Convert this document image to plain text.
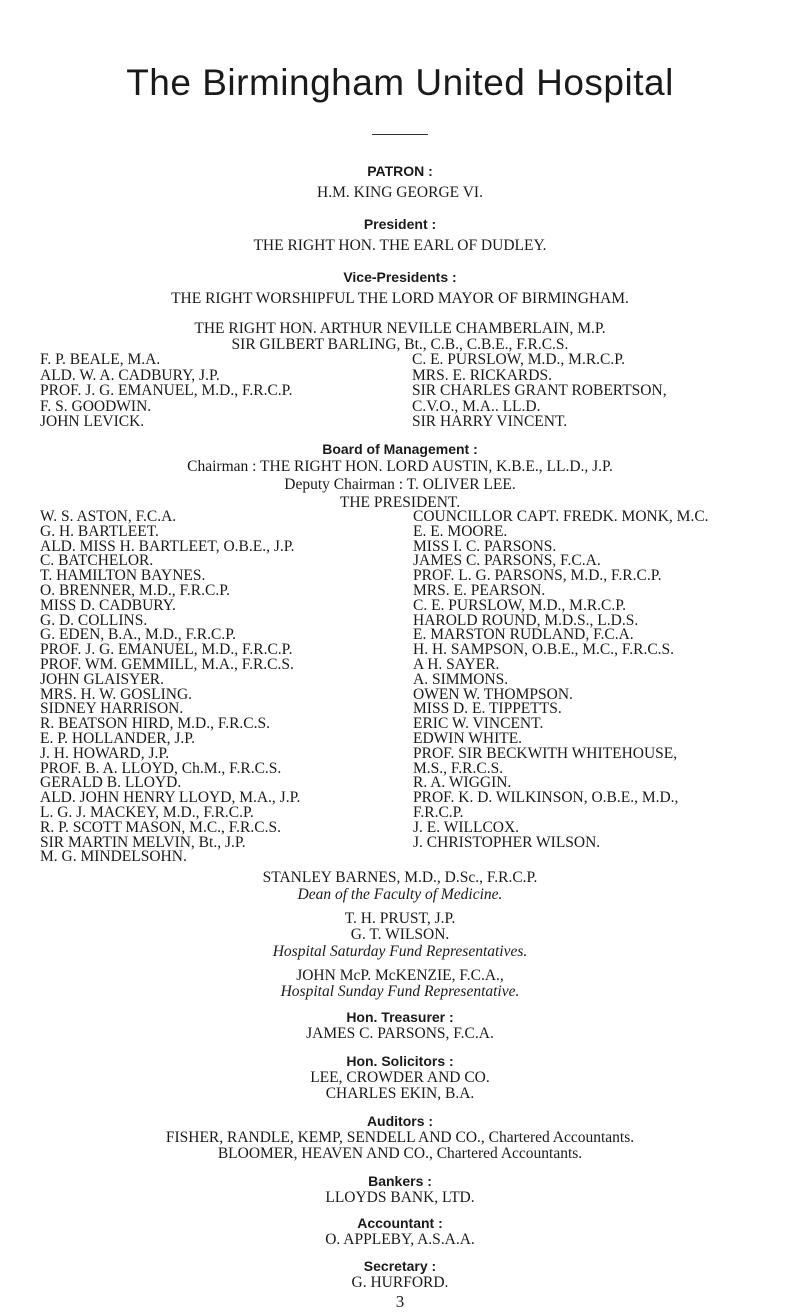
The Birmingham United Hospital
PATRON :
H.M. KING GEORGE VI.
President :
THE RIGHT HON. THE EARL OF DUDLEY.
Vice-Presidents :
THE RIGHT WORSHIPFUL THE LORD MAYOR OF BIRMINGHAM.
THE RIGHT HON. ARTHUR NEVILLE CHAMBERLAIN, M.P.
SIR GILBERT BARLING, Bt., C.B., C.B.E., F.R.C.S.
F. P. BEALE, M.A.
ALD. W. A. CADBURY, J.P.
PROF. J. G. EMANUEL, M.D., F.R.C.P.
F. S. GOODWIN.
JOHN LEVICK.
C. E. PURSLOW, M.D., M.R.C.P.
MRS. E. RICKARDS.
SIR CHARLES GRANT ROBERTSON,
C.V.O., M.A.. LL.D.
SIR HARRY VINCENT.
Board of Management :
Chairman : THE RIGHT HON. LORD AUSTIN, K.B.E., LL.D., J.P.
Deputy Chairman : T. OLIVER LEE.
THE PRESIDENT.
W. S. ASTON, F.C.A.
G. H. BARTLEET.
ALD. MISS H. BARTLEET, O.B.E., J.P.
C. BATCHELOR.
T. HAMILTON BAYNES.
O. BRENNER, M.D., F.R.C.P.
MISS D. CADBURY.
G. D. COLLINS.
G. EDEN, B.A., M.D., F.R.C.P.
PROF. J. G. EMANUEL, M.D., F.R.C.P.
PROF. WM. GEMMILL, M.A., F.R.C.S.
JOHN GLAISYER.
MRS. H. W. GOSLING.
SIDNEY HARRISON.
R. BEATSON HIRD, M.D., F.R.C.S.
E. P. HOLLANDER, J.P.
J. H. HOWARD, J.P.
PROF. B. A. LLOYD, Ch.M., F.R.C.S.
GERALD B. LLOYD.
ALD. JOHN HENRY LLOYD, M.A., J.P.
L. G. J. MACKEY, M.D., F.R.C.P.
R. P. SCOTT MASON, M.C., F.R.C.S.
SIR MARTIN MELVIN, Bt., J.P.
M. G. MINDELSOHN.
COUNCILLOR CAPT. FREDK. MONK, M.C.
E. E. MOORE.
MISS I. C. PARSONS.
JAMES C. PARSONS, F.C.A.
PROF. L. G. PARSONS, M.D., F.R.C.P.
MRS. E. PEARSON.
C. E. PURSLOW, M.D., M.R.C.P.
HAROLD ROUND, M.D.S., L.D.S.
E. MARSTON RUDLAND, F.C.A.
H. H. SAMPSON, O.B.E., M.C., F.R.C.S.
A H. SAYER.
A. SIMMONS.
OWEN W. THOMPSON.
MISS D. E. TIPPETTS.
ERIC W. VINCENT.
EDWIN WHITE.
PROF. SIR BECKWITH WHITEHOUSE,
M.S., F.R.C.S.
R. A. WIGGIN.
PROF. K. D. WILKINSON, O.B.E., M.D.,
F.R.C.P.
J. E. WILLCOX.
J. CHRISTOPHER WILSON.
STANLEY BARNES, M.D., D.Sc., F.R.C.P.
Dean of the Faculty of Medicine.
T. H. PRUST, J.P.
G. T. WILSON.
Hospital Saturday Fund Representatives.
JOHN McP. McKENZIE, F.C.A.,
Hospital Sunday Fund Representative.
Hon. Treasurer :
JAMES C. PARSONS, F.C.A.
Hon. Solicitors :
LEE, CROWDER AND CO.
CHARLES EKIN, B.A.
Auditors :
FISHER, RANDLE, KEMP, SENDELL AND CO., Chartered Accountants.
BLOOMER, HEAVEN AND CO., Chartered Accountants.
Bankers :
LLOYDS BANK, LTD.
Accountant :
O. APPLEBY, A.S.A.A.
Secretary :
G. HURFORD.
3
